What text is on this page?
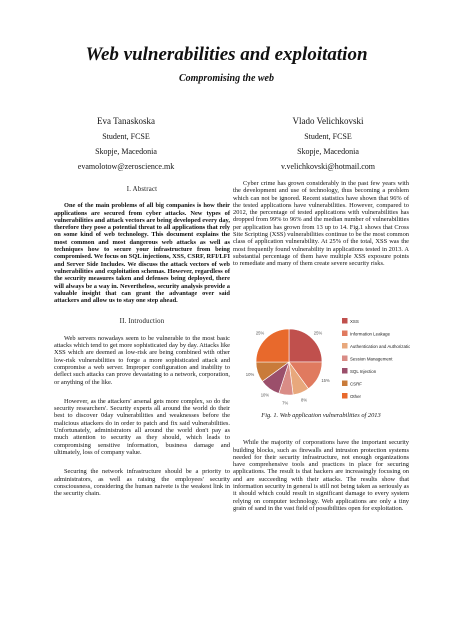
Web vulnerabilities and exploitation
Compromising the web
Eva Tanaskoska
Student, FCSE
Skopje, Macedonia
evamolotow@zeroscience.mk
Vlado Velichkovski
Student, FCSE
Skopje, Macedonia
v.velichkovski@hotmail.com

I. Abstract

One of the main problems of all big companies is how their applications are secured from cyber attacks. New types of vulnerabilities and attack vectors are being developed every day, therefore they pose a potential threat to all applications that rely on some kind of web technology. This document explains the most common and most dangerous web attacks as well as techniques how to secure your infrastructure from being compromised. We focus on SQL injections, XSS, CSRF, RFI/LFI and Server Side Includes. We discuss the attack vectors of web vulnerabilities and exploitation schemas. However, regardless of the security measures taken and defenses being deployed, there will always be a way in. Nevertheless, security analysis provide a valuable insight that can grant the advantage over said attackers and allow us to stay one step ahead.

II. Introduction

Web servers nowadays seem to be vulnerable to the most basic attacks which tend to get more sophisticated day by day. Attacks like XSS which are deemed as low-risk are being combined with other low-risk vulnerabilities to forge a more sophisticated attack and compromise a web server. Improper configuration and inability to deflect such attacks can prove devastating to a network, corporation, or anything of the like.

However, as the attackers' arsenal gets more complex, so do the security researchers'. Security experts all around the world do their best to discover 0day vulnerabilities and weaknesses before the malicious attackers do in order to patch and fix said vulnerabilities. Unfortunately, administrators all around the world don't pay as much attention to security as they should, which leads to compromising sensitive information, business damage and ultimately, loss of company value.

Securing the network infrastructure should be a priority to administrators, as well as raising the employees' security consciousness, considering the human naivete is the weakest link in the security chain.

Cyber crime has grown considerably in the past few years with the development and use of technology, thus becoming a problem which can not be ignored. Recent statistics have shown that 96% of the tested applications have vulnerabilities. However, compared to 2012, the percentage of tested applications with vulnerabilities has dropped from 99% to 96% and the median number of vulnerabilities per application has grown from 13 up to 14. Fig.1 shows that Cross Site Scripting (XSS) vulnerabilities continue to be the most common class of application vulnerability. At 25% of the total, XSS was the most frequently found vulnerability in applications tested in 2013. A substantial percentage of them have multiple XSS exposure points to remediate and many of them create severe security risks.

25%
15%
8%
7%
10%
10%
25%
XSS
Information Leakage
Authentication and Authorization
Session Management
SQL Injection
CSRF
Other

Fig. 1. Web application vulnerabilities of 2013

While the majority of corporations have the important security building blocks, such as firewalls and intrusion protection systems needed for their security infrastructure, not enough organizations have comprehensive tools and practices in place for securing applications. The result is that hackers are increasingly focusing on and are succeeding with their attacks. The results show that information security in general is still not being taken as seriously as it should which could result in significant damage to every system relying on computer technology. Web applications are only a tiny grain of sand in the vast field of possibilities open for exploitation.
